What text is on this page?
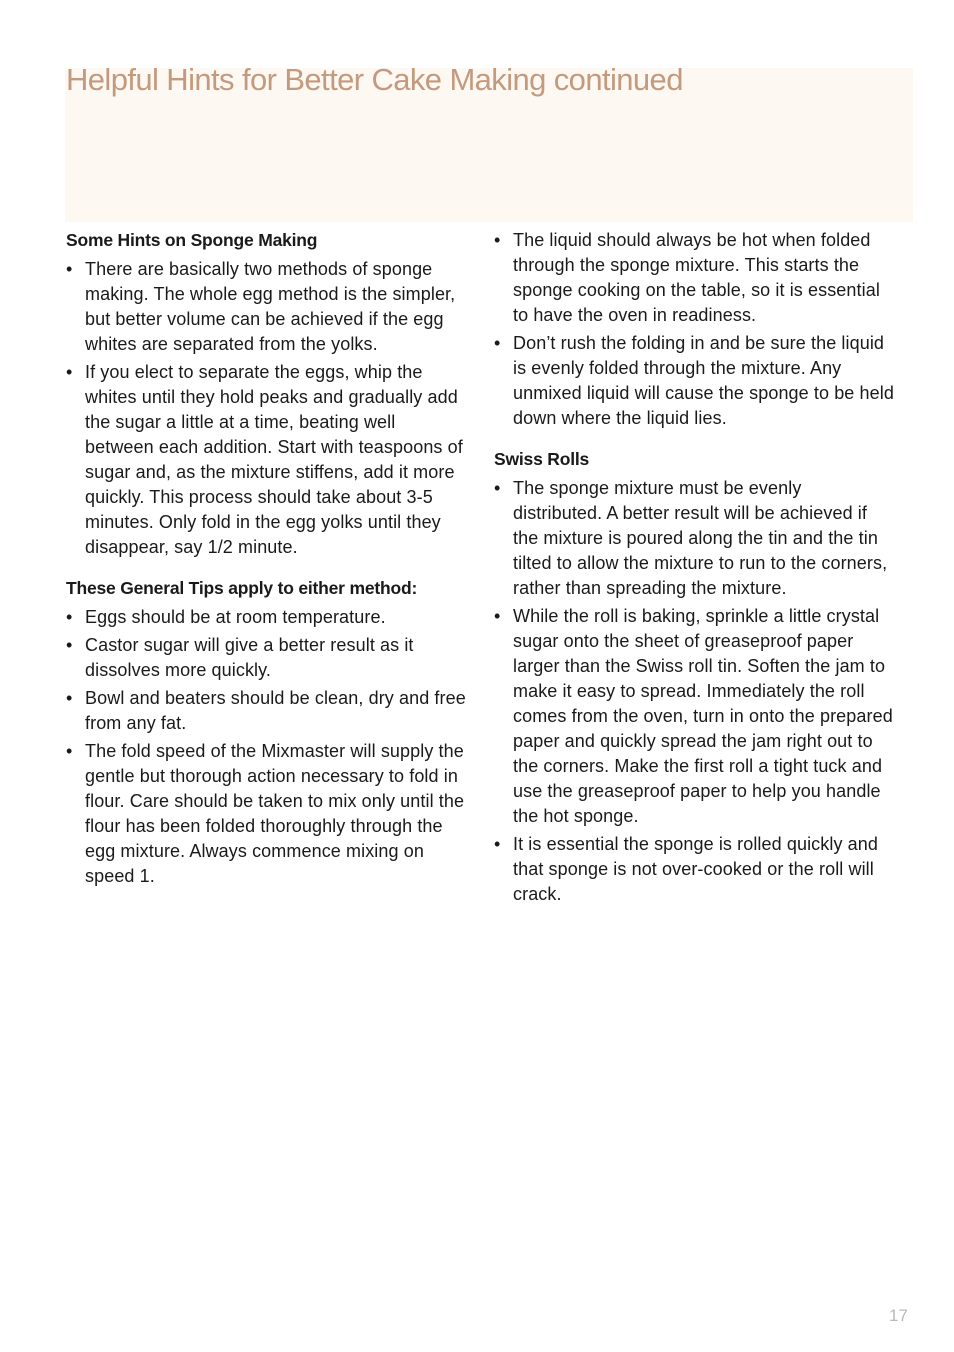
Helpful Hints for Better Cake Making continued
Some Hints on Sponge Making
• There are basically two methods of sponge making. The whole egg method is the simpler, but better volume can be achieved if the egg whites are separated from the yolks.
• If you elect to separate the eggs, whip the whites until they hold peaks and gradually add the sugar a little at a time, beating well between each addition. Start with teaspoons of sugar and, as the mixture stiffens, add it more quickly. This process should take about 3-5 minutes. Only fold in the egg yolks until they disappear, say 1/2 minute.
These General Tips apply to either method:
• Eggs should be at room temperature.
• Castor sugar will give a better result as it dissolves more quickly.
• Bowl and beaters should be clean, dry and free from any fat.
• The fold speed of the Mixmaster will supply the gentle but thorough action necessary to fold in flour. Care should be taken to mix only until the flour has been folded thoroughly through the egg mixture. Always commence mixing on speed 1.
• The liquid should always be hot when folded through the sponge mixture. This starts the sponge cooking on the table, so it is essential to have the oven in readiness.
• Don’t rush the folding in and be sure the liquid is evenly folded through the mixture. Any unmixed liquid will cause the sponge to be held down where the liquid lies.
Swiss Rolls
• The sponge mixture must be evenly distributed. A better result will be achieved if the mixture is poured along the tin and the tin tilted to allow the mixture to run to the corners, rather than spreading the mixture.
• While the roll is baking, sprinkle a little crystal sugar onto the sheet of greaseproof paper larger than the Swiss roll tin. Soften the jam to make it easy to spread. Immediately the roll comes from the oven, turn in onto the prepared paper and quickly spread the jam right out to the corners. Make the first roll a tight tuck and use the greaseproof paper to help you handle the hot sponge.
• It is essential the sponge is rolled quickly and that sponge is not over-cooked or the roll will crack.
17
